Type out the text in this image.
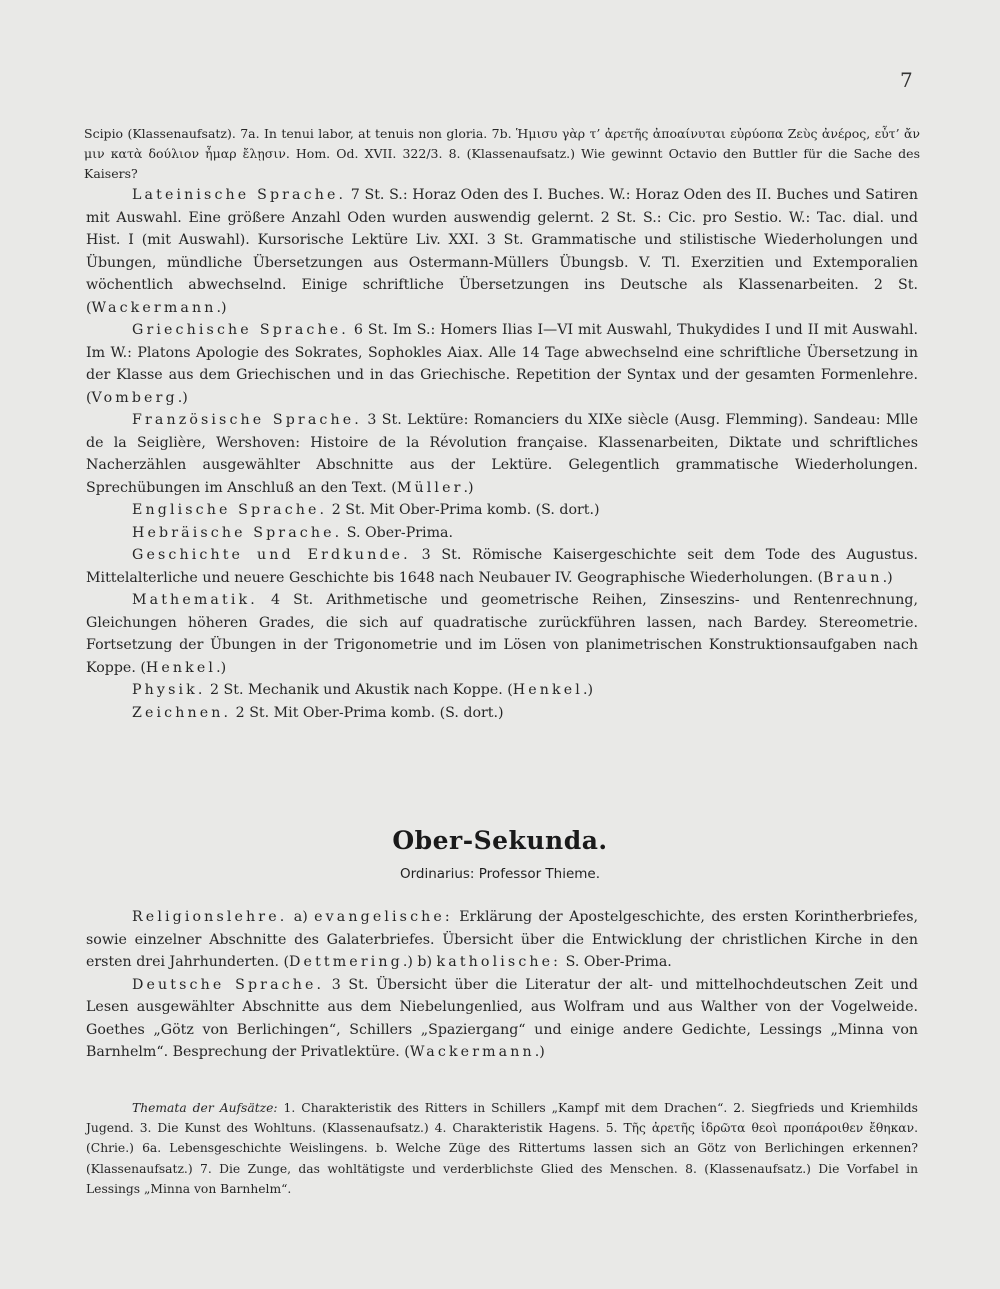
7
Scipio (Klassenaufsatz). 7a. In tenui labor, at tenuis non gloria. 7b. Ἡμισυ γὰρ τ’ ἀρετῆς ἀποαίνυται εὐρύοπα Ζεὺς ἀνέρος, εὖτ’ ἄν μιν κατὰ δούλιον ἦμαρ ἔλῃσιν. Hom. Od. XVII. 322/3. 8. (Klassenaufsatz.) Wie gewinnt Octavio den Buttler für die Sache des Kaisers?

Lateinische Sprache. 7 St. S.: Horaz Oden des I. Buches. W.: Horaz Oden des II. Buches und Satiren mit Auswahl. Eine größere Anzahl Oden wurden auswendig gelernt. 2 St. S.: Cic. pro Sestio. W.: Tac. dial. und Hist. I (mit Auswahl). Kursorische Lektüre Liv. XXI. 3 St. Grammatische und stilistische Wiederholungen und Übungen, mündliche Übersetzungen aus Ostermann-Müllers Übungsb. V. Tl. Exerzitien und Extemporalien wöchentlich abwechselnd. Einige schriftliche Übersetzungen ins Deutsche als Klassenarbeiten. 2 St. (Wackermann.)

Griechische Sprache. 6 St. Im S.: Homers Ilias I—VI mit Auswahl, Thukydides I und II mit Auswahl. Im W.: Platons Apologie des Sokrates, Sophokles Aiax. Alle 14 Tage abwechselnd eine schriftliche Übersetzung in der Klasse aus dem Griechischen und in das Griechische. Repetition der Syntax und der gesamten Formenlehre. (Vomberg.)

Französische Sprache. 3 St. Lektüre: Romanciers du XIXe siècle (Ausg. Flemming). Sandeau: Mlle de la Seiglière, Wershoven: Histoire de la Révolution française. Klassenarbeiten, Diktate und schriftliches Nacherzählen ausgewählter Abschnitte aus der Lektüre. Gelegentlich grammatische Wiederholungen. Sprechübungen im Anschluß an den Text. (Müller.)

Englische Sprache. 2 St. Mit Ober-Prima komb. (S. dort.)

Hebräische Sprache. S. Ober-Prima.

Geschichte und Erdkunde. 3 St. Römische Kaisergeschichte seit dem Tode des Augustus. Mittelalterliche und neuere Geschichte bis 1648 nach Neubauer IV. Geographische Wiederholungen. (Braun.)

Mathematik. 4 St. Arithmetische und geometrische Reihen, Zinseszins- und Rentenrechnung, Gleichungen höheren Grades, die sich auf quadratische zurückführen lassen, nach Bardey. Stereometrie. Fortsetzung der Übungen in der Trigonometrie und im Lösen von planimetrischen Konstruktionsaufgaben nach Koppe. (Henkel.)

Physik. 2 St. Mechanik und Akustik nach Koppe. (Henkel.)

Zeichnen. 2 St. Mit Ober-Prima komb. (S. dort.)

Ober-Sekunda.
Ordinarius: Professor Thieme.

Religionslehre. a) evangelische: Erklärung der Apostelgeschichte, des ersten Korintherbriefes, sowie einzelner Abschnitte des Galaterbriefes. Übersicht über die Entwicklung der christlichen Kirche in den ersten drei Jahrhunderten. (Dettmering.) b) katholische: S. Ober-Prima.

Deutsche Sprache. 3 St. Übersicht über die Literatur der alt- und mittelhochdeutschen Zeit und Lesen ausgewählter Abschnitte aus dem Niebelungenlied, aus Wolfram und aus Walther von der Vogelweide. Goethes „Götz von Berlichingen“, Schillers „Spaziergang“ und einige andere Gedichte, Lessings „Minna von Barnhelm“. Besprechung der Privatlektüre. (Wackermann.)

Themata der Aufsätze: 1. Charakteristik des Ritters in Schillers „Kampf mit dem Drachen“. 2. Siegfrieds und Kriemhilds Jugend. 3. Die Kunst des Wohltuns. (Klassenaufsatz.) 4. Charakteristik Hagens. 5. Τῆς ἀρετῆς ἱδρῶτα θεοὶ προπάροιθεν ἔθηκαν. (Chrie.) 6a. Lebensgeschichte Weislingens. b. Welche Züge des Rittertums lassen sich an Götz von Berlichingen erkennen? (Klassenaufsatz.) 7. Die Zunge, das wohltätigste und verderblichste Glied des Menschen. 8. (Klassenaufsatz.) Die Vorfabel in Lessings „Minna von Barnhelm“.
